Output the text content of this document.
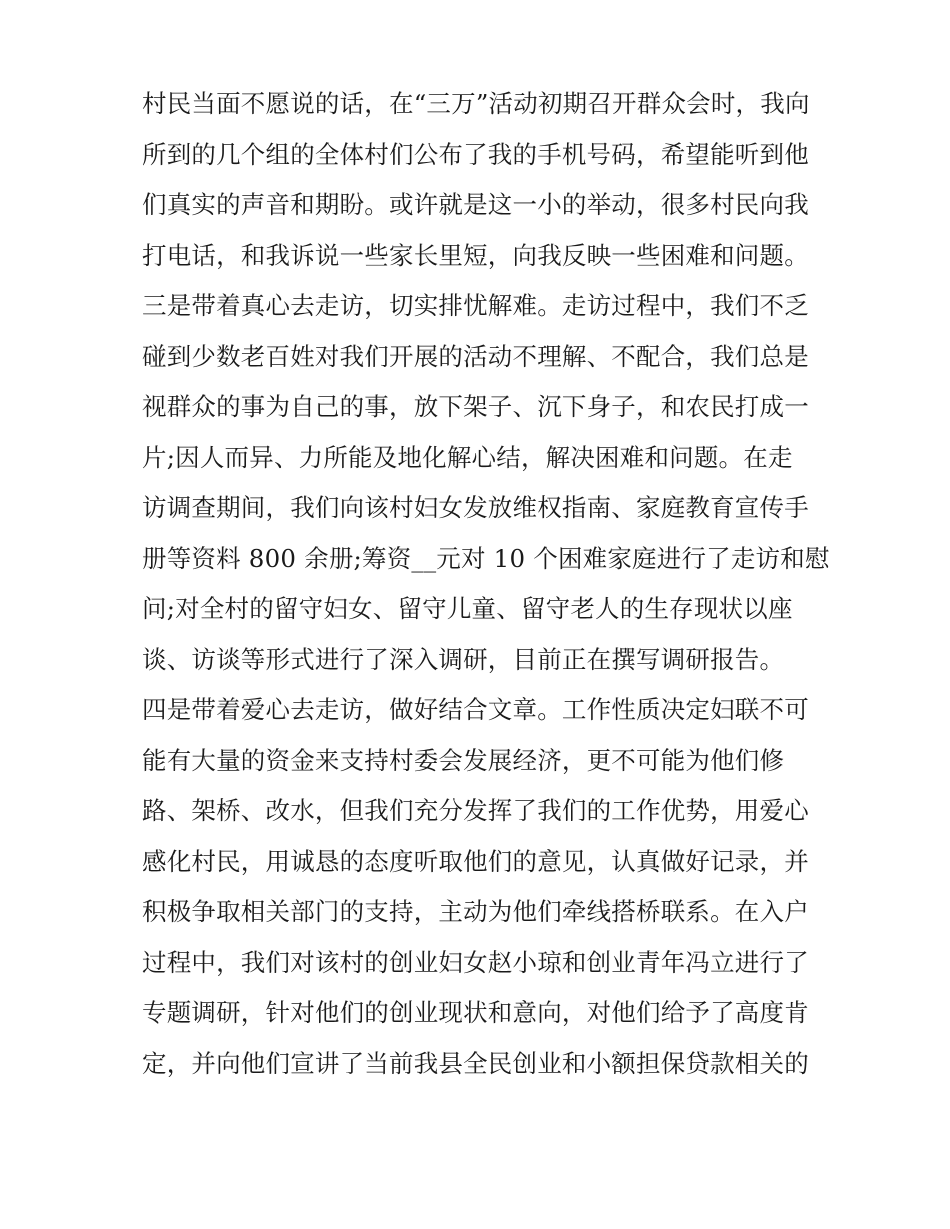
村民当面不愿说的话，在“三万”活动初期召开群众会时，我向
所到的几个组的全体村们公布了我的手机号码，希望能听到他
们真实的声音和期盼。或许就是这一小的举动，很多村民向我
打电话，和我诉说一些家长里短，向我反映一些困难和问题。
三是带着真心去走访，切实排忧解难。走访过程中，我们不乏
碰到少数老百姓对我们开展的活动不理解、不配合，我们总是
视群众的事为自己的事，放下架子、沉下身子，和农民打成一
片;因人而异、力所能及地化解心结，解决困难和问题。在走
访调查期间，我们向该村妇女发放维权指南、家庭教育宣传手
册等资料 800 余册;筹资__元对 10 个困难家庭进行了走访和慰
问;对全村的留守妇女、留守儿童、留守老人的生存现状以座
谈、访谈等形式进行了深入调研，目前正在撰写调研报告。
四是带着爱心去走访，做好结合文章。工作性质决定妇联不可
能有大量的资金来支持村委会发展经济，更不可能为他们修
路、架桥、改水，但我们充分发挥了我们的工作优势，用爱心
感化村民，用诚恳的态度听取他们的意见，认真做好记录，并
积极争取相关部门的支持，主动为他们牵线搭桥联系。在入户
过程中，我们对该村的创业妇女赵小琼和创业青年冯立进行了
专题调研，针对他们的创业现状和意向，对他们给予了高度肯
定，并向他们宣讲了当前我县全民创业和小额担保贷款相关的
